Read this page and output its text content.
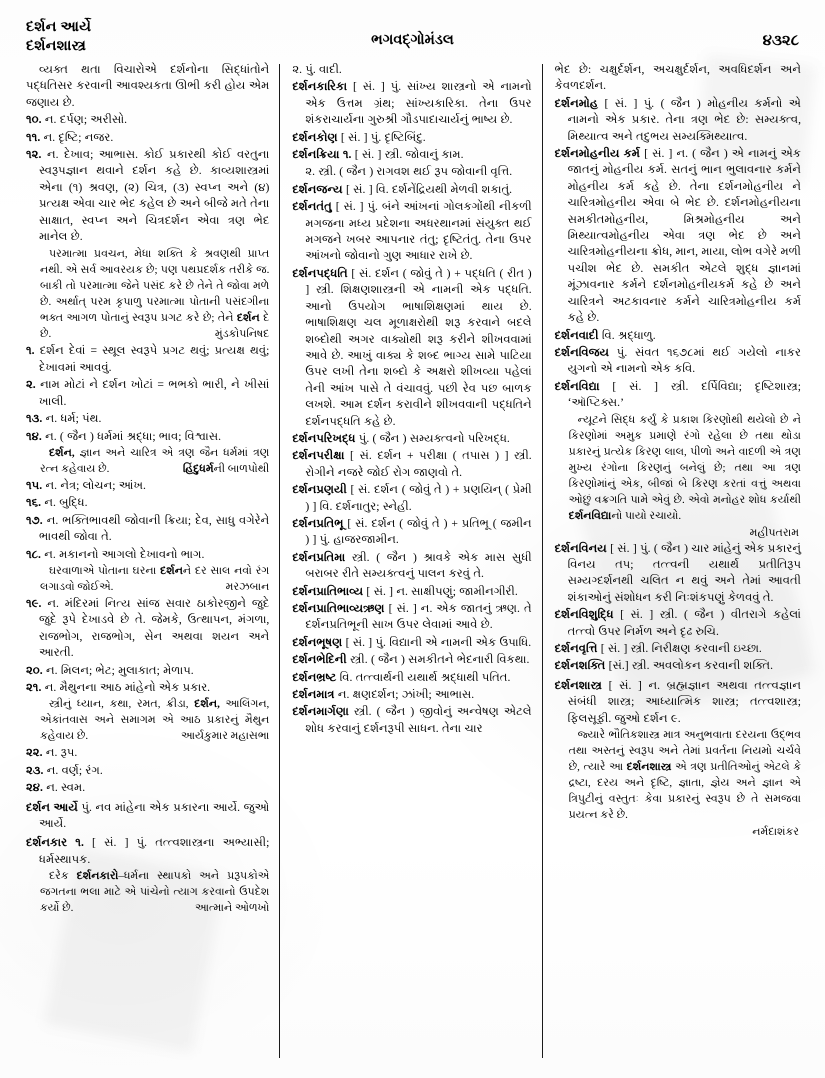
દર્શન આર્યે
દર્શનશાસ્ત્ર	ભગવદ્ગોમંડલ	૪૩૨૮

વ્યક્ત થતા વિચારોએ દર્શનોના સિદ્ધાંતોને પદ્ધતિસર કરવાની આવશ્યકતા ઊભી કરી હોય એમ જણાય છે.

૧૦. ન. દર્પણ; અરીસો.

૧૧. ન. દૃષ્ટિ; નજર.

૧૨. ન. દેખાવ; આભાસ. કોઈ પ્રકારથી કોઈ વરતુના સ્વરૂપજ્ઞાન થવાને દર્શન કહે છે. કાવ્યશાસ્ત્રમાં એના (૧) શ્રવણ, (૨) ચિત્ર, (૩) સ્વપ્ન અને (૪) પ્રત્યક્ષ એવા ચાર ભેદ કહેલ છે અને બીજે મતે તેના સાક્ષાત, સ્વપ્ન અને ચિત્રદર્શન એવા ત્રણ ભેદ માનેલ છે.

પરમાત્મા પ્રવચન, મેધા શક્તિ કે શ્રવણથી પ્રાપ્ત નથી. એ સર્વ આવરયક છે; પણ પથપ્રદર્શક તરીકે જ. બાકી તો પરમાત્મા જેને પસંદ કરે છે તેને તે જોવા મળે છે. અર્થાત્ પરમ કૃપાળુ પરમાત્મા પોતાની પસંદગીના ભક્ત આગળ પોતાનું સ્વરૂપ પ્રગટ કરે છે; તેને દર્શન દે છે.	મુંડકોપનિષદ

૧. દર્શન દેવાં = સ્થૂલ સ્વરૂપે પ્રગટ થવું; પ્રત્યક્ષ થવું; દેખાવમાં આવવું.

૨. નામ મોટાં ને દર્શન ખોટાં = ભભકો ભારી, ને ખીસાં ખાલી.

૧૩. ન. ધર્મ; પંથ.

૧૪. ન. ( જૈન ) ધર્મમાં શ્રદ્ધા; ભાવ; વિશ્વાસ.

દર્શન, જ્ઞાન અને ચારિત્ર એ ત્રણ જૈન ધર્મમાં ત્રણ રત્ન કહેવાય છે.	હિંદુધર્મની બાળપોથી

૧૫. ન. નેત્ર; લોચન; આંખ.

૧૬. ન. બુદ્ધિ.

૧૭. ન. ભક્તિભાવથી જોવાની ક્રિયા; દેવ, સાધુ વગેરેને ભાવથી જોવા તે.

૧૮. ન. મકાનનો આગલો દેખાવનો ભાગ.

ઘરવાળાએ પોતાના ઘરના દર્શનને દર સાલ નવો રંગ લગાડવો જોઈએ.	મરઝબાન

૧૯. ન. મંદિરમાં નિત્ય સાંજ સવાર ઠાકોરજીને જુદે જુદે રૂપે દેખાડવે છે તે. જેમકે, ઉત્થાપન, મંગળા, રાજભોગ, રાજભોગ, સેન અથવા શયન અને આરતી.

૨૦. ન. મિલન; ભેટ; મુલાકાત; મેળાપ.

૨૧. ન. મૈથુનના આઠ માંહેનો એક પ્રકાર.

સ્ત્રીનું ધ્યાન, કથા, રમત, ક્રીડા, દર્શન, આલિંગન, એકાંતવાસ અને સમાગમ એ આઠ પ્રકારનું મૈથુન કહેવાય છે.	આર્યકુમાર મહાસભા

૨૨. ન. રૂપ.

૨૩. ન. વર્ણ; રંગ.

૨૪. ન. સ્વમ.

દર્શન આર્યે પું. નવ માંહેના એક પ્રકારના આર્યે. જુઓ આર્યે.

દર્શનકાર ૧. [ સં. ] પું. તત્ત્વશાસ્ત્રના અભ્યાસી; ધર્મસ્થાપક.

દરેક દર્શનકારો–ધર્મના સ્થાપકો અને પ્રરૂપકોએ જગતના ભલા માટે એ પાંચેનો ત્યાગ કરવાનો ઉપદેશ કર્યો છે.	આત્માને ઓળખો

૨. પું. વાદી.

દર્શનકારિકા [ સં. ] પું. સાંખ્ય શાસ્ત્રનો એ નામનો એક ઉત્તમ ગ્રંથ; સાંખ્યકારિકા. તેના ઉપર શંકરાચાર્યના ગુરુશ્રી ગૌડપાદાચાર્યનું ભાષ્ય છે.

દર્શનકોણ [ સં. ] પું. દૃષ્ટિબિંદુ.

દર્શનક્રિયા ૧. [ સં. ] સ્ત્રી. જોવાનું કામ.

૨. સ્ત્રી. ( જૈન ) રાગવશ થઈ રૂપ જોવાની વૃત્તિ.

દર્શનજન્ય [ સં. ] વિ. દર્શનેંદ્રિયથી મેળવી શકાતું.

દર્શનતંતુ [ સં. ] પું. બંને આંખનાં ગોલકગોંથી નીકળી મગજના મધ્ય પ્રદેશના અધરથાનમાં સંયુક્ત થઈ મગજને ખબર આપનાર તંતુ; દૃષ્ટિતંતુ. તેના ઉપર આંખનો જોવાનો ગુણ આધાર રાખે છે.

દર્શનપદ્ધતિ [ સં. દર્શન ( જોવું તે ) + પદ્ધતિ ( રીત ) ] સ્ત્રી. શિક્ષણશાસ્ત્રની એ નામની એક પદ્ધતિ. આનો ઉપયોગ ભાષાશિક્ષણમાં થાય છે. ભાષાશિક્ષણ ચલ મૂળાક્ષરોથી શરૂ કરવાને બદલે શબ્દોથી અગર વાક્યોથી શરૂ કરીને શીખવવામાં આવે છે. આખું વાક્ય કે શબ્દ ભાગ્ય સામે પાટિયા ઉપર લખી તેના શબ્દો કે અક્ષરો શીખવ્યા પહેલાં તેની આંખ પાસે તે વંચાવવું. પછી રેવ પછ બાળક લખશે. આમ દર્શન કરાવીને શીખવવાની પદ્ધતિને દર્શનપદ્ધતિ કહે છે.

દર્શનપરિખદ્ધ પું. ( જૈન ) સમ્યક્ત્વનો પરિખદ્ધ.

દર્શનપરીક્ષા [ સં. દર્શન + પરીક્ષા ( તપાસ ) ] સ્ત્રી. રોગીને નજરે જોઈ રોગ જાણવો તે.

દર્શનપ્રણયી [ સં. દર્શન ( જોવું તે ) + પ્રણયિન્ ( પ્રેમી ) ] વિ. દર્શનાતુર; સ્નેહી.

દર્શનપ્રતિભૂ [ સં. દર્શન ( જોવું તે ) + પ્રતિભૂ ( જમીન ) ] પું. હાજરજામીન.

દર્શનપ્રતિમા સ્ત્રી. ( જૈન ) શ્રાવકે એક માસ સુધી બરાબર રીતે સમ્યક્ત્વનું પાલન કરવું તે.

દર્શનપ્રાતિભાવ્ય [ સં. ] ન. સાક્ષીપણું; જામીનગીરી.

દર્શનપ્રાતિભાવ્યઋણ [ સં. ] ન. એક જાતનું ઋણ. તે દર્શનપ્રતિભૂની સાખ ઉપર લેવામાં આવે છે.

દર્શનભૂષણ [ સં. ] પું. વિદ્યાની એ નામની એક ઉપાધિ.

દર્શનભેદિની સ્ત્રી. ( જૈન ) સમકીતને ભેદનારી વિકથા.

દર્શનભ્રષ્ટ વિ. તત્ત્વાર્થની યથાર્થ શ્રદ્ધાથી પતિત.

દર્શનમાત્ર ન. ક્ષણદર્શન; ઝાંખી; આભાસ.

દર્શનમાર્ગણા સ્ત્રી. ( જૈન ) જીવોનું અન્વેષણ એટલે શોધ કરવાનું દર્શનરૂપી સાધન. તેના ચાર

ભેદ છે: ચક્ષુર્દર્શન, અચક્ષુર્દર્શન, અવધિદર્શન અને કેવળદર્શન.

દર્શનમોહ [ સં. ] પું. ( જૈન ) મોહનીય કર્મનો એ નામનો એક પ્રકાર. તેના ત્રણ ભેદ છે: સમ્યક્ત્વ, મિથ્યાત્વ અને તદુભય સમ્યક્મિથ્યાત્વ.

દર્શનમોહનીય કર્મ [ સં. ] ન. ( જૈન ) એ નામનું એક જાતનું મોહનીય કર્મ. સતનું ભાન ભુલાવનાર કર્મને મોહનીય કર્મ કહે છે. તેના દર્શનમોહનીય ને ચારિત્રમોહનીય એવા બે ભેદ છે. દર્શનમોહનીયના સમકીતમોહનીય, મિશ્રમોહનીય અને મિથ્યાત્વમોહનીય એવા ત્રણ ભેદ છે અને ચારિત્રમોહનીયના ક્રોધ, માન, માયા, લોભ વગેરે મળી પચીશ ભેદ છે. સમકીત એટલે શુદ્ધ જ્ઞાનમાં મૂંઝાવનાર કર્મને દર્શનમોહનીયકર્મ કહે છે અને ચારિત્રને અટકાવનાર કર્મને ચારિત્રમોહનીય કર્મ કહે છે.

દર્શનવાદી વિ. શ્રદ્ધાળુ.

દર્શનવિજય પું. સંવત ૧૬૭૮માં થઈ ગયેલો નાકર યુગનો એ નામનો એક કવિ.

દર્શનવિદ્યા [ સં. ] સ્ત્રી. દર્પિવિદ્યા; દૃષ્ટિશાસ્ત્ર; ‘ઑપ્ટિક્સ.’

ન્યૂટને સિદ્ધ કર્યું કે પ્રકાશ કિરણોથી થયેલો છે ને કિરણોમાં અમુક પ્રમાણે રંગો રહેલા છે તથા થોડા પ્રકારનું પ્રત્યેક કિરણ લાલ, પીળો અને વાદળી એ ત્રણ મુખ્ય રંગોના કિરણનું બનેલું છે; તથા આ ત્રણ કિરણોમાંનું એક, બીજાં બે કિરણ કરતાં વત્તું અથવા ઓછું વક્રગતિ પામે એવું છે. એવો મનોહર શોધ કર્યાથી દર્શનવિદ્યાનો પાયો રચાયો.

મહીપતરામ

દર્શનવિનય [ સં. ] પું. ( જૈન ) ચાર માંહેનું એક પ્રકારનું વિનય તપ; તત્ત્વની યથાર્થ પ્રતીતિરૂપ સમ્યગ્દર્શનથી ચલિત ન થવું અને તેમાં આવતી શંકાઓનું સંશોધન કરી નિઃશંકપણું કેળવવું તે.

દર્શનવિશુદ્ધિ [ સં. ] સ્ત્રી. ( જૈન ) વીતરાગે કહેલાં તત્ત્વો ઉપર નિર્મળ અને દૃઢ રુચિ.

દર્શનવૃત્તિ [ સં. ] સ્ત્રી. નિરીક્ષણ કરવાની ઇચ્છા.

દર્શનશક્તિ [સં.] સ્ત્રી. અવલોકન કરવાની શક્તિ.

દર્શનશાસ્ત્ર [ સં. ] ન. બ્રહ્મજ્ઞાન અથવા તત્ત્વજ્ઞાન સંબંધી શાસ્ત્ર; આધ્યાત્મિક શાસ્ત્ર; તત્ત્વશાસ્ત્ર; ફિલસૂફી. જુઓ દર્શન ૯.

જ્યારે ભૌતિકશાસ્ત્ર માત્ર અનુભવાતા દરયના ઉદ્ભવ તથા અસ્તનું સ્વરૂપ અને તેમાં પ્રવર્તના નિયમો ચર્ચવે છે, ત્યારે આ દર્શનશાસ્ત્ર એ ત્રણ પ્રતીતિઓનું એટલે કે દ્રષ્ટા, દરય અને દૃષ્ટિ, જ્ઞાતા, જ્ઞેય અને જ્ઞાન એ ત્રિપુટીનું વસ્તુતઃ કેવા પ્રકારનું સ્વરૂપ છે તે સમજવા પ્રયત્ન કરે છે.

નર્મદાશંકર
